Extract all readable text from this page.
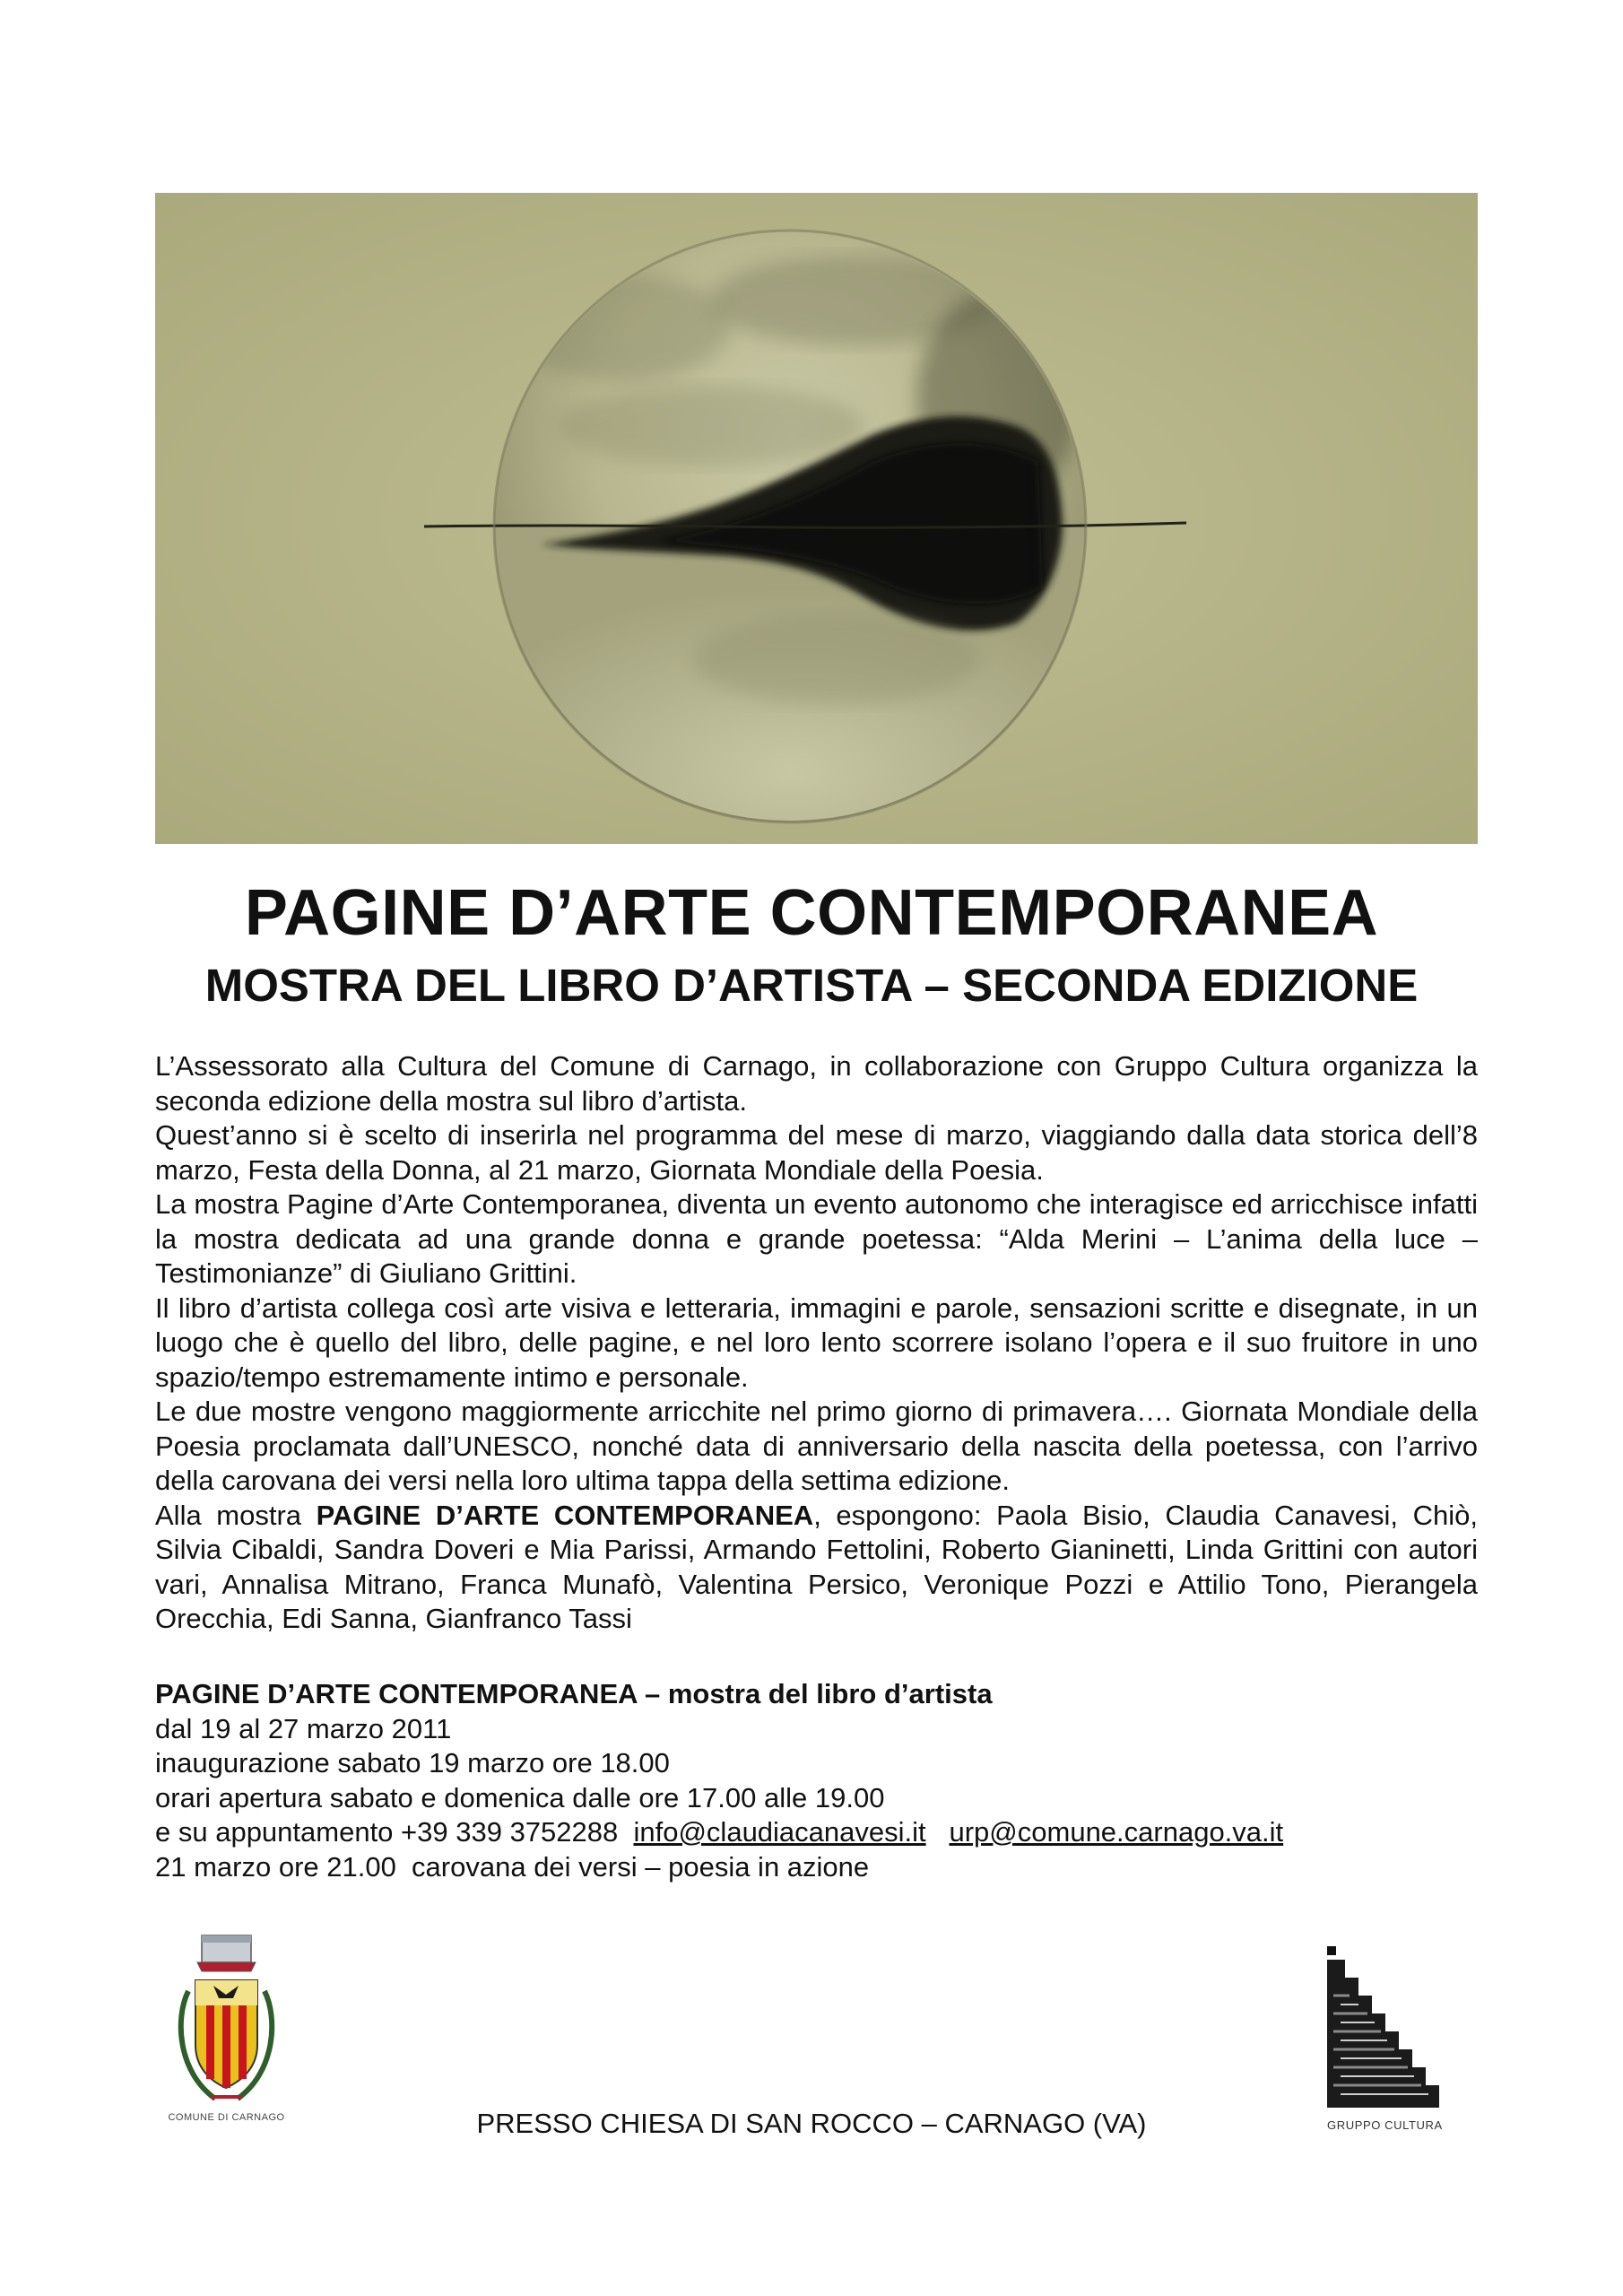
PAGINE D’ARTE CONTEMPORANEA
MOSTRA DEL LIBRO D’ARTISTA – SECONDA EDIZIONE

L’Assessorato alla Cultura del Comune di Carnago, in collaborazione con Gruppo Cultura organizza la seconda edizione della mostra sul libro d’artista.

Quest’anno si è scelto di inserirla nel programma del mese di marzo, viaggiando dalla data storica dell’8 marzo, Festa della Donna, al 21 marzo, Giornata Mondiale della Poesia.

La mostra Pagine d’Arte Contemporanea, diventa un evento autonomo che interagisce ed arricchisce infatti la mostra dedicata ad una grande donna e grande poetessa: “Alda Merini – L’anima della luce – Testimonianze” di Giuliano Grittini.

Il libro d’artista collega così arte visiva e letteraria, immagini e parole, sensazioni scritte e disegnate, in un luogo che è quello del libro, delle pagine, e nel loro lento scorrere isolano l’opera e il suo fruitore in uno spazio/tempo estremamente intimo e personale.

Le due mostre vengono maggiormente arricchite nel primo giorno di primavera…. Giornata Mondiale della Poesia proclamata dall’UNESCO, nonché data di anniversario della nascita della poetessa, con l’arrivo della carovana dei versi nella loro ultima tappa della settima edizione.

Alla mostra PAGINE D’ARTE CONTEMPORANEA, espongono: Paola Bisio, Claudia Canavesi, Chiò, Silvia Cibaldi, Sandra Doveri e Mia Parissi, Armando Fettolini, Roberto Gianinetti, Linda Grittini con autori vari, Annalisa Mitrano, Franca Munafò, Valentina Persico, Veronique Pozzi e Attilio Tono, Pierangela Orecchia, Edi Sanna, Gianfranco Tassi

PAGINE D’ARTE CONTEMPORANEA – mostra del libro d’artista
dal 19 al 27 marzo 2011
inaugurazione sabato 19 marzo ore 18.00
orari apertura sabato e domenica dalle ore 17.00 alle 19.00
e su appuntamento +39 339 3752288  info@claudiacanavesi.it urp@comune.carnago.va.it
21 marzo ore 21.00  carovana dei versi – poesia in azione
COMUNE DI CARNAGO
GRUPPO CULTURA
PRESSO CHIESA DI SAN ROCCO – CARNAGO (VA)
